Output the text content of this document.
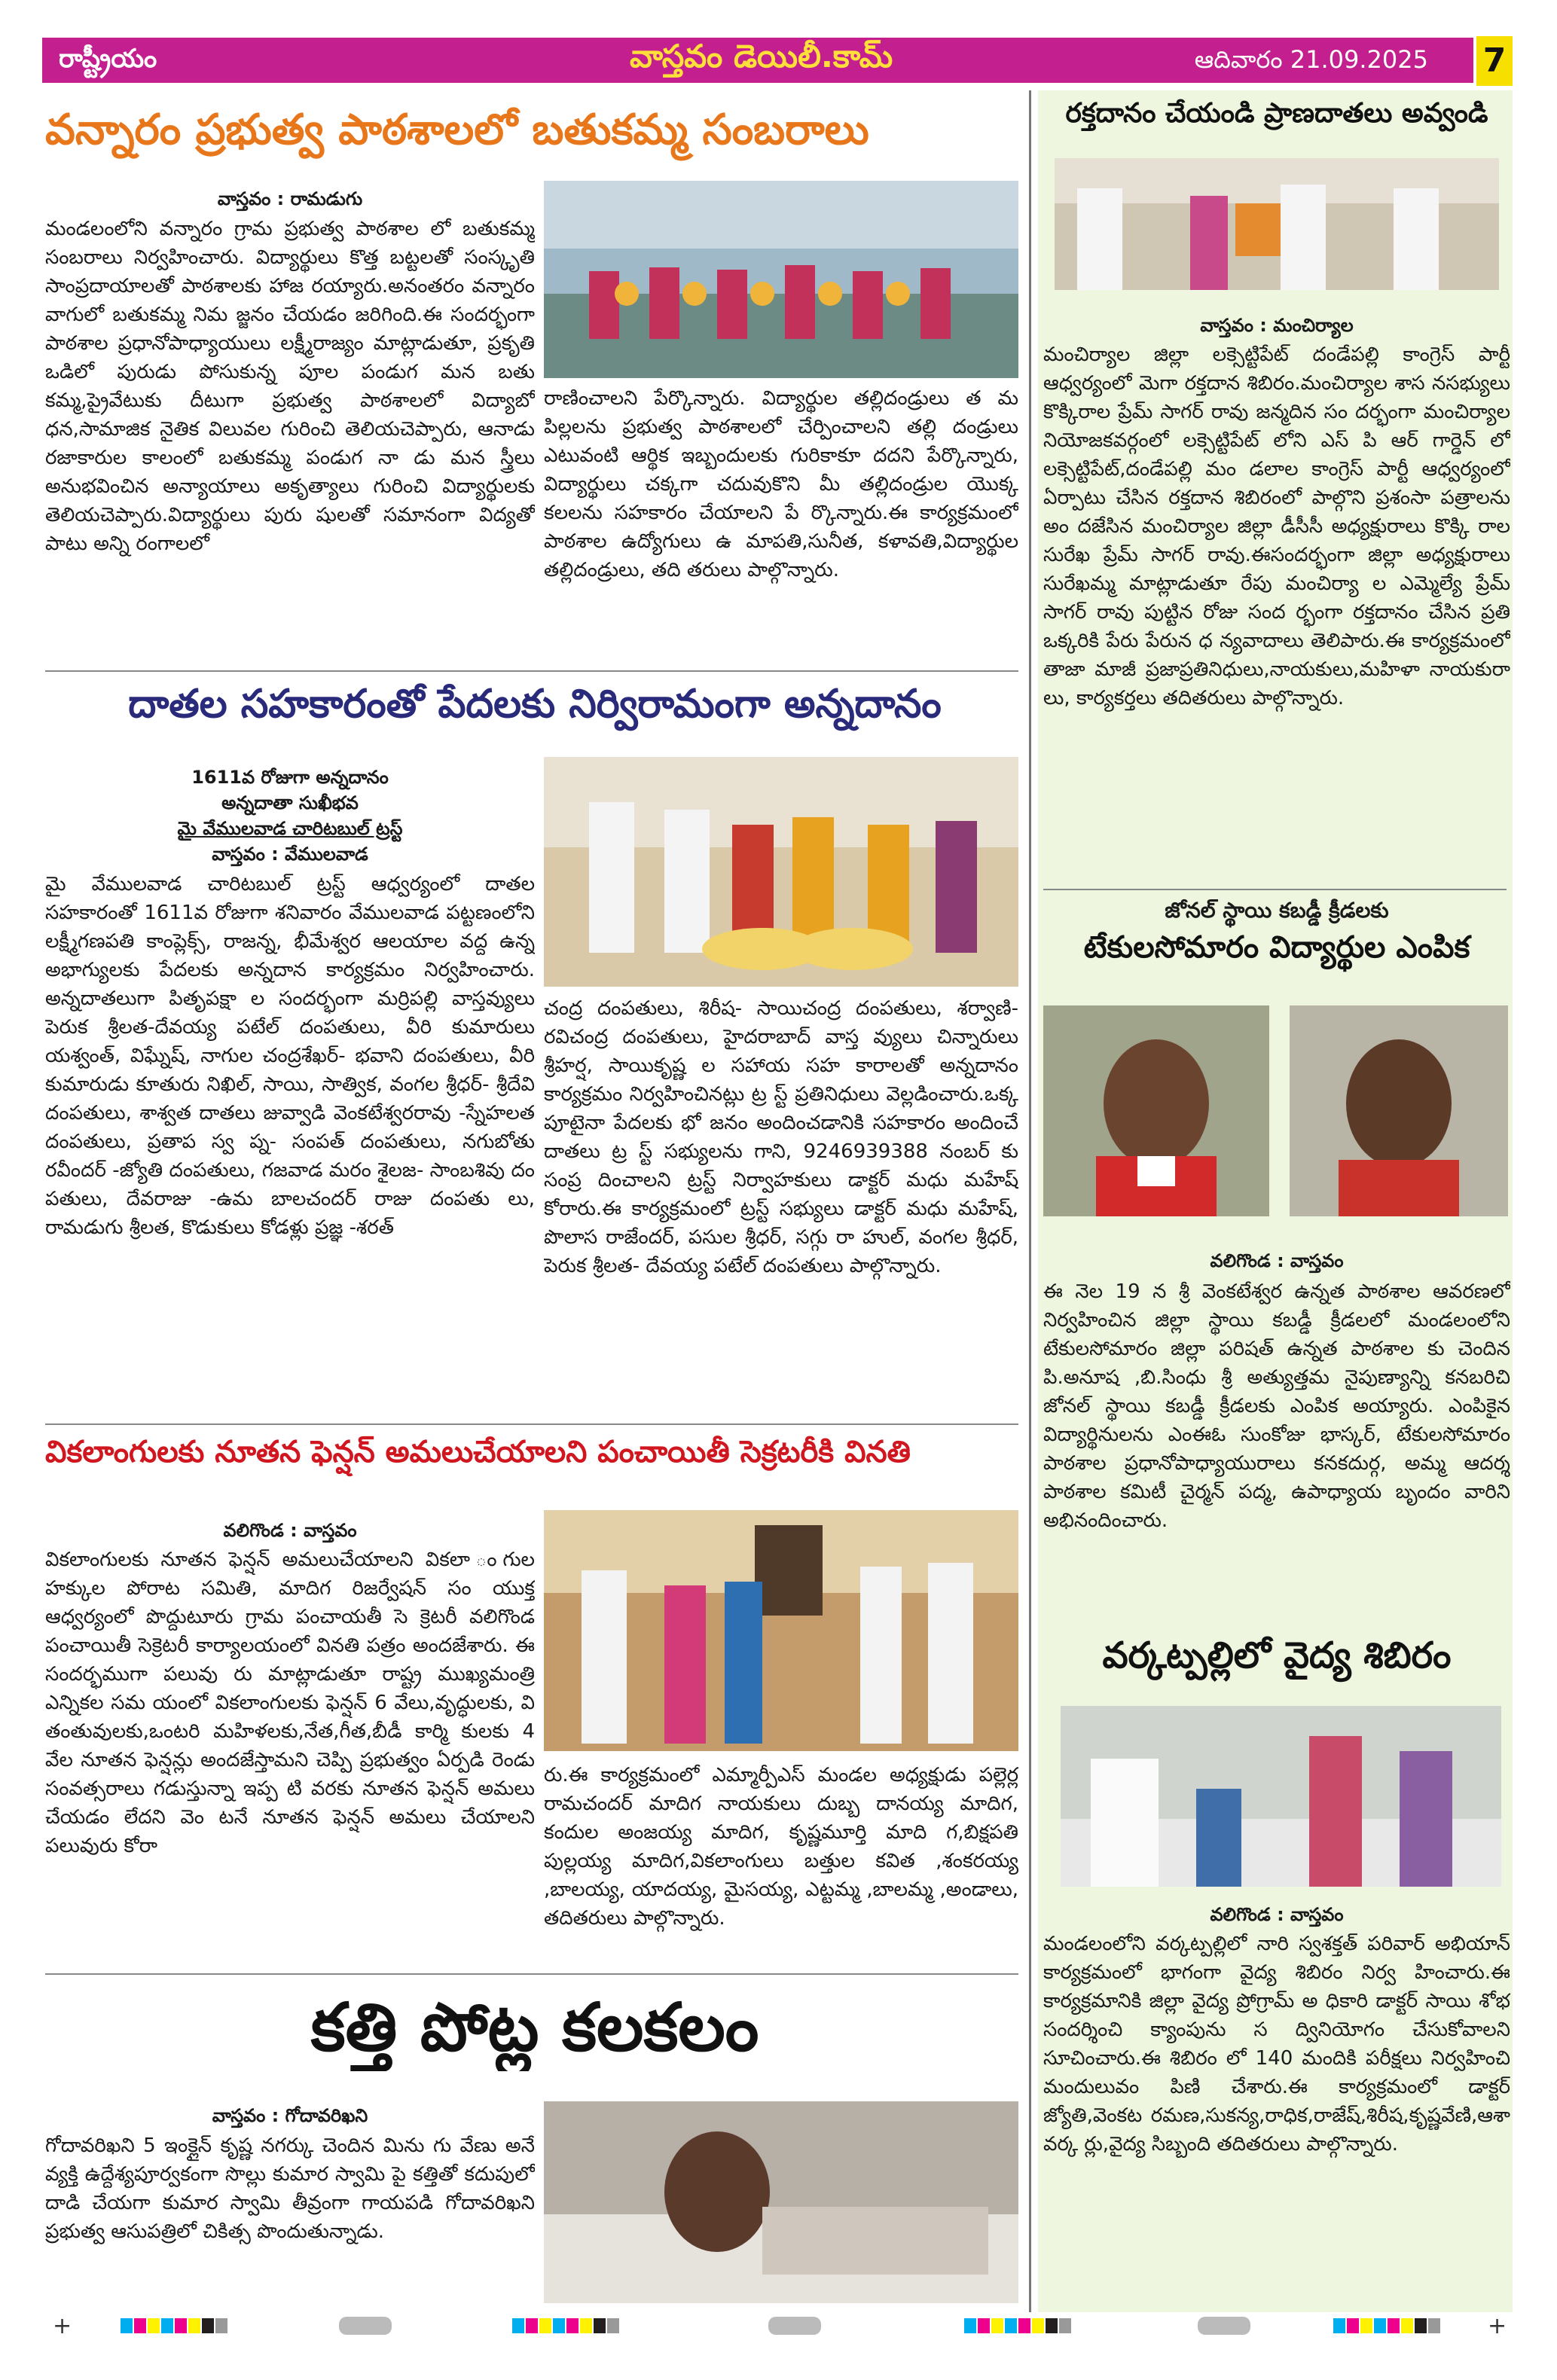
రాష్ట్రీయం	వాస్తవం డెయిలీ.కామ్	ఆదివారం 21.09.2025 7
వన్నారం ప్రభుత్వ పాఠశాలలో బతుకమ్మ సంబరాలు
వాస్తవం : రామడుగు
మండలంలోని వన్నారం గ్రామ ప్రభుత్వ పాఠశాల లో బతుకమ్మ సంబరాలు నిర్వహించారు. విద్యార్థులు కొత్త బట్టలతో సంస్కృతి సాంప్రదాయాలతో పాఠశాలకు హాజ రయ్యారు.అనంతరం వన్నారం వాగులో బతుకమ్మ నిమ జ్జనం చేయడం జరిగింది.ఈ సందర్భంగా పాఠశాల ప్రధానోపాధ్యాయులు లక్ష్మీరాజ్యం మాట్లాడుతూ, ప్రకృతి ఒడిలో పురుడు పోసుకున్న పూల పండుగ మన బతు కమ్మ,ప్రైవేటుకు దీటుగా ప్రభుత్వ పాఠశాలలో విద్యాబో ధన,సామాజిక నైతిక విలువల గురించి తెలియచెప్పారు, ఆనాడు రజాకారుల కాలంలో బతుకమ్మ పండుగ నా డు మన స్త్రీలు అనుభవించిన అన్యాయాలు అకృత్యాలు గురించి విద్యార్థులకు తెలియచెప్పారు.విద్యార్థులు పురు షులతో సమానంగా విద్యతో పాటు అన్ని రంగాలలో
రాణించాలని పేర్కొన్నారు. విద్యార్థుల తల్లిదండ్రులు త మ పిల్లలను ప్రభుత్వ పాఠశాలలో చేర్పించాలని తల్లి దండ్రులు ఎటువంటి ఆర్థిక ఇబ్బందులకు గురికాకూ దదని పేర్కొన్నారు, విద్యార్థులు చక్కగా చదువుకొని మీ తల్లిదండ్రుల యొక్క కలలను సహకారం చేయాలని పే ర్కొన్నారు.ఈ కార్యక్రమంలో పాఠశాల ఉద్యోగులు ఉ మాపతి,సునీత, కళావతి,విద్యార్థుల తల్లిదండ్రులు, తది తరులు పాల్గొన్నారు.
దాతల సహకారంతో పేదలకు నిర్విరామంగా అన్నదానం
1611వ రోజుగా అన్నదానం
అన్నదాతా సుఖీభవ
మై వేములవాడ చారిటబుల్ ట్రస్ట్
వాస్తవం : వేములవాడ
మై వేములవాడ చారిటబుల్ ట్రస్ట్ ఆధ్వర్యంలో దాతల సహకారంతో 1611వ రోజుగా శనివారం వేములవాడ పట్టణంలోని లక్ష్మీగణపతి కాంప్లెక్స్, రాజన్న, భీమేశ్వర ఆలయాల వద్ద ఉన్న అభాగ్యులకు పేదలకు అన్నదాన కార్యక్రమం నిర్వహించారు. అన్నదాతలుగా పితృపక్షా ల సందర్భంగా మర్రిపల్లి వాస్తవ్యులు పెరుక శ్రీలత-దేవయ్య పటేల్ దంపతులు, వీరి కుమారులు యశ్వంత్, విఘ్నేష్, నాగుల చంద్రశేఖర్- భవాని దంపతులు, వీరి కుమారుడు కూతురు నిఖిల్, సాయి, సాత్విక, వంగల శ్రీధర్- శ్రీదేవి దంపతులు, శాశ్వత దాతలు జువ్వాడి వెంకటేశ్వరరావు -స్నేహలత దంపతులు, ప్రతాప స్వ ప్న- సంపత్ దంపతులు, నగుబోతు రవీందర్ -జ్యోతి దంపతులు, గజవాడ మరం శైలజ- సాంబశివు దం పతులు, దేవరాజు -ఉమ బాలచందర్ రాజు దంపతు లు, రామడుగు శ్రీలత, కొడుకులు కోడళ్లు ప్రజ్ఞ -శరత్
చంద్ర దంపతులు, శిరీష- సాయిచంద్ర దంపతులు, శర్వాణి- రవిచంద్ర దంపతులు, హైదరాబాద్ వాస్త వ్యులు చిన్నారులు శ్రీహర్ష, సాయికృష్ణ ల సహాయ సహ కారాలతో అన్నదానం కార్యక్రమం నిర్వహించినట్లు ట్ర స్ట్ ప్రతినిధులు వెల్లడించారు.ఒక్క పూటైనా పేదలకు భో జనం అందించడానికి సహకారం అందించే దాతలు ట్ర స్ట్ సభ్యులను గాని, 9246939388 నంబర్ కు సంప్ర దించాలని ట్రస్ట్ నిర్వాహకులు డాక్టర్ మధు మహేష్ కోరారు.ఈ కార్యక్రమంలో ట్రస్ట్ సభ్యులు డాక్టర్ మధు మహేష్, పొలాస రాజేందర్, పసుల శ్రీధర్, సగ్గు రా హుల్, వంగల శ్రీధర్, పెరుక శ్రీలత- దేవయ్య పటేల్ దంపతులు పాల్గొన్నారు.
వికలాంగులకు నూతన ఫెన్షన్ అమలుచేయాలని పంచాయితీ సెక్రటరీకి వినతి
వలిగొండ : వాస్తవం
వికలాంగులకు నూతన ఫెన్షన్ అమలుచేయాలని వికలా ంగుల హక్కుల పోరాట సమితి, మాదిగ రిజర్వేషన్ సం యుక్త ఆధ్వర్యంలో పొద్దుటూరు గ్రామ పంచాయతీ సె క్రెటరీ వలిగొండ పంచాయితీ సెక్రెటరీ కార్యాలయంలో వినతి పత్రం అందజేశారు. ఈ సందర్భముగా పలువు రు మాట్లాడుతూ రాష్ట్ర ముఖ్యమంత్రి ఎన్నికల సమ యంలో వికలాంగులకు ఫెన్షన్ 6 వేలు,వృద్ధులకు, వి తంతువులకు,ఒంటరి మహిళలకు,నేత,గీత,బీడీ కార్మి కులకు 4 వేల నూతన ఫెన్షన్లు అందజేస్తామని చెప్పి ప్రభుత్వం ఏర్పడి రెండు సంవత్సరాలు గడుస్తున్నా ఇప్ప టి వరకు నూతన ఫెన్షన్ అమలు చేయడం లేదని వెం టనే నూతన ఫెన్షన్ అమలు చేయాలని పలువురు కోరా
రు.ఈ కార్యక్రమంలో ఎమ్మార్పీఎస్ మండల అధ్యక్షుడు పల్లెర్ల రామచందర్ మాదిగ నాయకులు దుబ్బ దానయ్య మాదిగ, కందుల అంజయ్య మాదిగ, కృష్ణమూర్తి మాది గ,బిక్షపతి పుల్లయ్య మాదిగ,వికలాంగులు బత్తుల కవిత ,శంకరయ్య ,బాలయ్య, యాదయ్య, మైసయ్య, ఎట్టమ్మ ,బాలమ్మ ,అండాలు, తదితరులు పాల్గొన్నారు.
కత్తి పోట్ల కలకలం
వాస్తవం : గోదావరిఖని
గోదావరిఖని 5 ఇంక్లైన్ కృష్ణ నగర్కు చెందిన మిను గు వేణు అనే వ్యక్తి ఉద్దేశ్యపూర్వకంగా సొల్లు కుమార స్వామి పై కత్తితో కదుపులో దాడి చేయగా కుమార స్వామి తీవ్రంగా గాయపడి గోదావరిఖని ప్రభుత్వ ఆసుపత్రిలో చికిత్స పొందుతున్నాడు.
రక్తదానం చేయండి ప్రాణదాతలు అవ్వండి
వాస్తవం : మంచిర్యాల
మంచిర్యాల జిల్లా లక్సెట్టిపేట్ దండేపల్లి కాంగ్రెస్ పార్టీ ఆధ్వర్యంలో మెగా రక్తదాన శిబిరం.మంచిర్యాల శాస నసభ్యులు కొక్కిరాల ప్రేమ్ సాగర్ రావు జన్మదిన సం దర్భంగా మంచిర్యాల నియోజకవర్గంలో లక్సెట్టిపేట్ లోని ఎస్ పి ఆర్ గార్డెన్ లో లక్సెట్టిపేట్,దండేపల్లి మం డలాల కాంగ్రెస్ పార్టీ ఆధ్వర్యంలో ఏర్పాటు చేసిన రక్తదాన శిబిరంలో పాల్గొని ప్రశంసా పత్రాలను అం దజేసిన మంచిర్యాల జిల్లా డీసీసీ అధ్యక్షురాలు కొక్కి రాల సురేఖ ప్రేమ్ సాగర్ రావు.ఈసందర్భంగా జిల్లా అధ్యక్షురాలు సురేఖమ్మ మాట్లాడుతూ రేపు మంచిర్యా ల ఎమ్మెల్యే ప్రేమ్ సాగర్ రావు పుట్టిన రోజు సంద ర్భంగా రక్తదానం చేసిన ప్రతి ఒక్కరికి పేరు పేరున ధ న్యవాదాలు తెలిపారు.ఈ కార్యక్రమంలో తాజా మాజీ ప్రజాప్రతినిధులు,నాయకులు,మహిళా నాయకురా లు, కార్యకర్తలు తదితరులు పాల్గొన్నారు.
జోనల్ స్థాయి కబడ్డీ క్రీడలకు
టేకులసోమారం విద్యార్థుల ఎంపిక
వలిగొండ : వాస్తవం
ఈ నెల 19 న శ్రీ వెంకటేశ్వర ఉన్నత పాఠశాల ఆవరణలో నిర్వహించిన జిల్లా స్థాయి కబడ్డీ క్రీడలలో మండలంలోని టేకులసోమారం జిల్లా పరిషత్ ఉన్నత పాఠశాల కు చెందిన పి.అనూష ,బి.సింధు శ్రీ అత్యుత్తమ నైపుణ్యాన్ని కనబరిచి జోనల్ స్థాయి కబడ్డీ క్రీడలకు ఎంపిక అయ్యారు. ఎంపికైన విద్యార్థినులను ఎంఈఓ సుంకోజు భాస్కర్, టేకులసోమారం పాఠశాల ప్రధానోపాధ్యాయురాలు కనకదుర్గ, అమ్మ ఆదర్శ పాఠశాల కమిటీ చైర్మన్ పద్మ, ఉపాధ్యాయ బృందం వారిని అభినందించారు.
వర్కట్పల్లిలో వైద్య శిబిరం
వలిగొండ : వాస్తవం
మండలంలోని వర్కట్పల్లిలో నారి స్వశక్తత్ పరివార్ అభియాన్ కార్యక్రమంలో భాగంగా వైద్య శిబిరం నిర్వ హించారు.ఈ కార్యక్రమానికి జిల్లా వైద్య ప్రోగ్రామ్ అ ధికారి డాక్టర్ సాయి శోభ సందర్శించి క్యాంపును స ద్వినియోగం చేసుకోవాలని సూచించారు.ఈ శిబిరం లో 140 మందికి పరీక్షలు నిర్వహించి మందులువం పిణి చేశారు.ఈ కార్యక్రమంలో డాక్టర్ జ్యోతి,వెంకట రమణ,సుకన్య,రాధిక,రాజేష్,శిరీష,కృష్ణవేణి,ఆశా వర్క ర్లు,వైద్య సిబ్బంది తదితరులు పాల్గొన్నారు.
+	+
